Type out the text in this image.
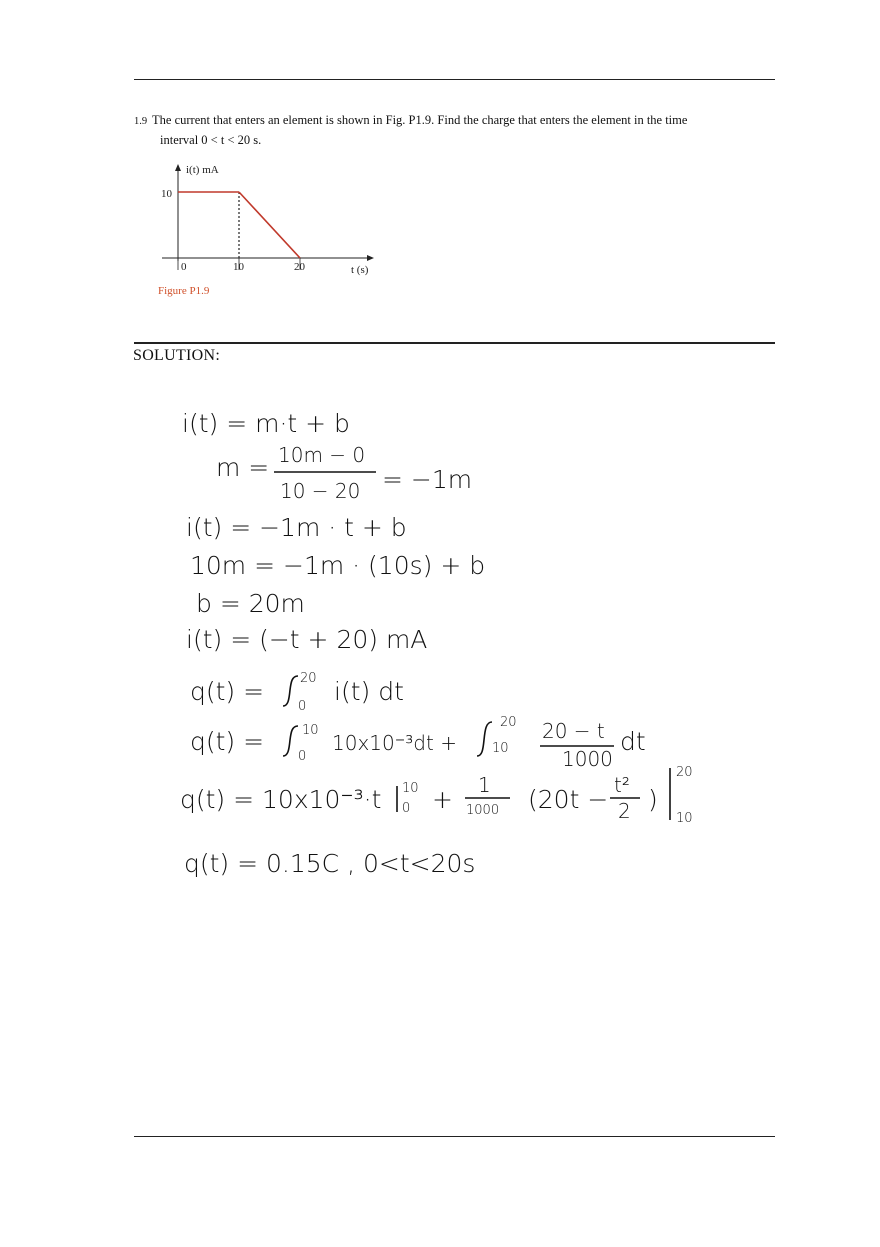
1.9 The current that enters an element is shown in Fig. P1.9. Find the charge that enters the element in the time
interval 0 < t < 20 s.
i(t) mA
t (s)
10
0	10	20
Figure P1.9
SOLUTION:
i(t) = m·t + b
m = 10m − 0
10 − 20 = −1m
i(t) = −1m · t + b
10m = −1m · (10s) + b
b = 20m
i(t) = (−t + 20) mA
q(t) =	20
0
i(t) dt
q(t) =	10
0
10x10⁻³dt +
20
10
20 − t
1000
dt
q(t) = 10x10⁻³·t 10
0 + 1
1000 (20t − t²
2 )
20
10
q(t) = 0.15C , 0<t<20s
